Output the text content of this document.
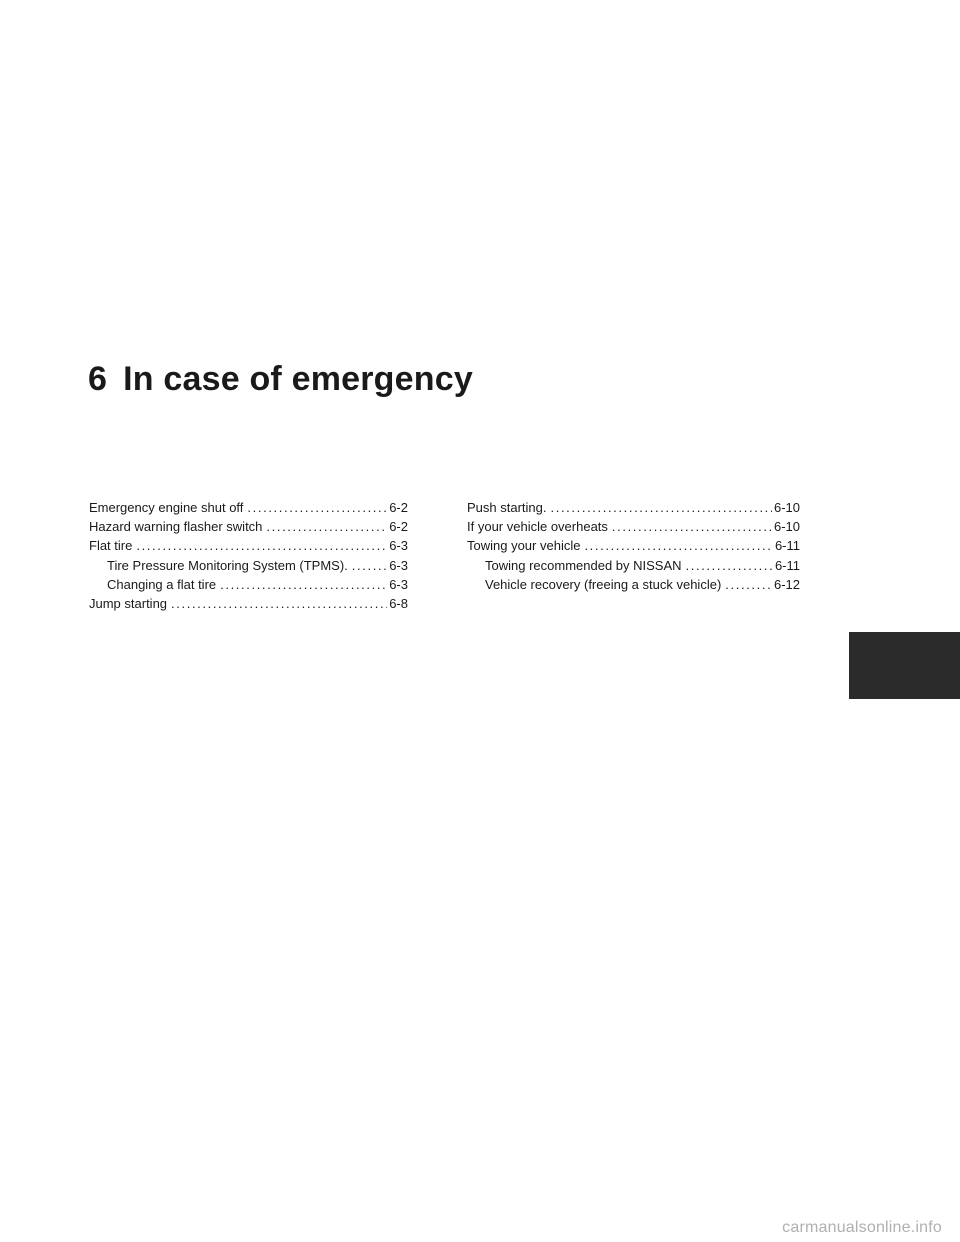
6 In case of emergency
Emergency engine shut off . . .	6-2
Hazard warning flasher switch . . .	6-2
Flat tire . . .	6-3
Tire Pressure Monitoring System (TPMS). . . .	6-3
Changing a flat tire . . .	6-3
Jump starting . . .	6-8
Push starting. . . .	6-10
If your vehicle overheats . . .	6-10
Towing your vehicle . . .	6-11
Towing recommended by NISSAN . . .	6-11
Vehicle recovery (freeing a stuck vehicle) . . .	6-12
carmanualsonline.info
